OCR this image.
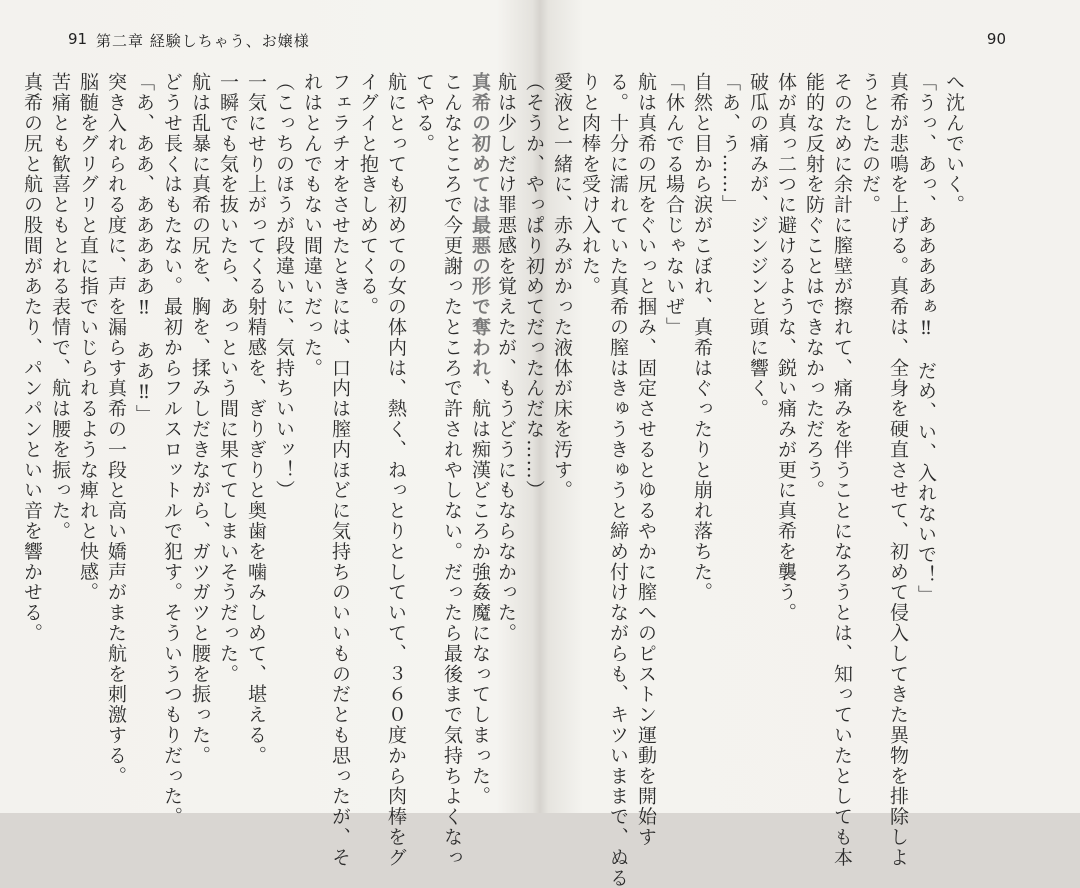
91 第二章 経験しちゃう、お嬢様
真希の初めては最悪の形で奪われ、航は痴漢どころか強姦魔になってしまった。
こんなところで今更謝ったところで許されやしない。だったら最後まで気持ちよくなっ
てやる。
航にとっても初めての女の体内は、熱く、ねっとりとしていて、３６０度から肉棒をグ
イグイと抱きしめてくる。
フェラチオをさせたときには、口内は膣内ほどに気持ちのいいものだとも思ったが、そ
れはとんでもない間違いだった。
（こっちのほうが段違いに、気持ちいいッ！）
一気にせり上がってくる射精感を、ぎりぎりと奥歯を噛みしめて、堪える。
一瞬でも気を抜いたら、あっという間に果ててしまいそうだった。
航は乱暴に真希の尻を、胸を、揉みしだきながら、ガツガツと腰を振った。
どうせ長くはもたない。最初からフルスロットルで犯す。そういうつもりだった。
「あ、ああ、あああああ‼　ああ‼」
突き入れられる度に、声を漏らす真希の一段と高い嬌声がまた航を刺激する。
脳髄をグリグリと直に指でいじられるような痺れと快感。
苦痛とも歓喜ともとれる表情で、航は腰を振った。
真希の尻と航の股間があたり、パンパンといい音を響かせる。
90
へ沈んでいく。
「うっ、あっ、ああああぁ‼　だめ、い、入れないで！」
真希が悲鳴を上げる。真希は、全身を硬直させて、初めて侵入してきた異物を排除しよ
うとしたのだ。
そのために余計に膣壁が擦れて、痛みを伴うことになろうとは、知っていたとしても本
能的な反射を防ぐことはできなかっただろう。
体が真っ二つに避けるような、鋭い痛みが更に真希を襲う。
破瓜の痛みが、ジンジンと頭に響く。
「あ、う……」
自然と目から涙がこぼれ、真希はぐったりと崩れ落ちた。
「休んでる場合じゃないぜ」
航は真希の尻をぐいっと掴み、固定させるとゆるやかに膣へのピストン運動を開始す
る。十分に濡れていた真希の膣はきゅうきゅうと締め付けながらも、キツいままで、ぬる
りと肉棒を受け入れた。
愛液と一緒に、赤みがかった液体が床を汚す。
（そうか、やっぱり初めてだったんだな……）
航は少しだけ罪悪感を覚えたが、もうどうにもならなかった。
